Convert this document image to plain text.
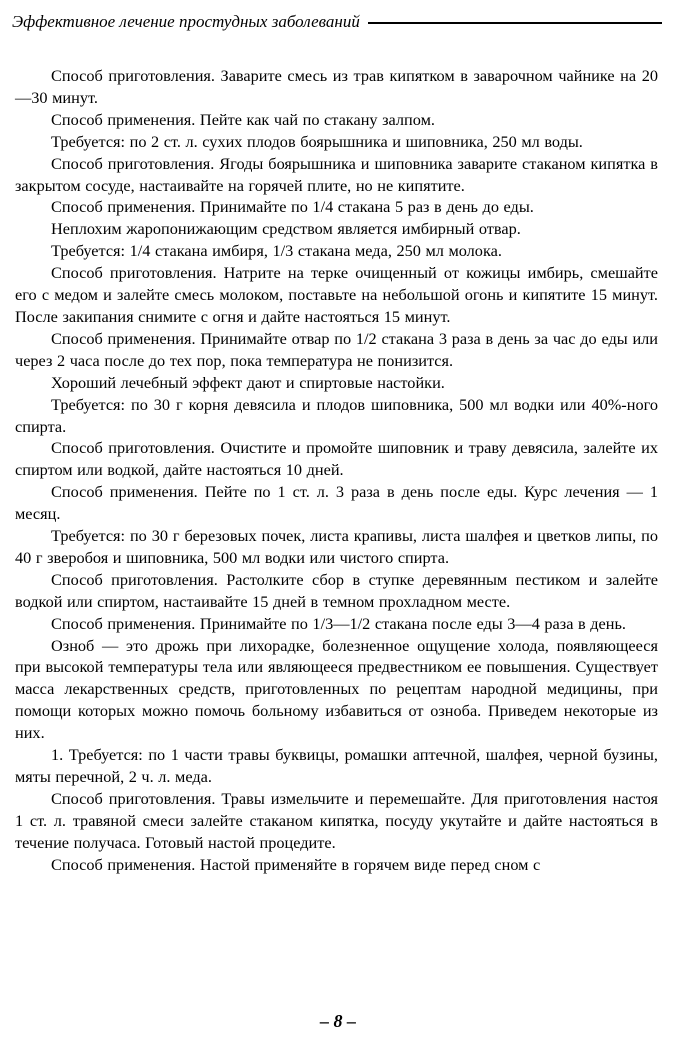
Эффективное лечение простудных заболеваний

Способ приготовления. Заварите смесь из трав кипятком в заварочном чайнике на 20—30 минут.

Способ применения. Пейте как чай по стакану залпом.

Требуется: по 2 ст. л. сухих плодов боярышника и шиповника, 250 мл воды.

Способ приготовления. Ягоды боярышника и шиповника заварите стаканом кипятка в закрытом сосуде, настаивайте на горячей плите, но не кипятите.

Способ применения. Принимайте по 1/4 стакана 5 раз в день до еды.

Неплохим жаропонижающим средством является имбирный отвар.

Требуется: 1/4 стакана имбиря, 1/3 стакана меда, 250 мл молока.

Способ приготовления. Натрите на терке очищенный от кожицы имбирь, смешайте его с медом и залейте смесь молоком, поставьте на небольшой огонь и кипятите 15 минут. После закипания снимите с огня и дайте настояться 15 минут.

Способ применения. Принимайте отвар по 1/2 стакана 3 раза в день за час до еды или через 2 часа после до тех пор, пока температура не понизится.

Хороший лечебный эффект дают и спиртовые настойки.

Требуется: по 30 г корня девясила и плодов шиповника, 500 мл водки или 40%-ного спирта.

Способ приготовления. Очистите и промойте шиповник и траву девясила, залейте их спиртом или водкой, дайте настояться 10 дней.

Способ применения. Пейте по 1 ст. л. 3 раза в день после еды. Курс лечения — 1 месяц.

Требуется: по 30 г березовых почек, листа крапивы, листа шалфея и цветков липы, по 40 г зверобоя и шиповника, 500 мл водки или чистого спирта.

Способ приготовления. Растолките сбор в ступке деревянным пестиком и залейте водкой или спиртом, настаивайте 15 дней в темном прохладном месте.

Способ применения. Принимайте по 1/3—1/2 стакана после еды 3—4 раза в день.

Озноб — это дрожь при лихорадке, болезненное ощущение холода, появляющееся при высокой температуры тела или являющееся предвестником ее повышения. Существует масса лекарственных средств, приготовленных по рецептам народной медицины, при помощи которых можно помочь больному избавиться от озноба. Приведем некоторые из них.

1. Требуется: по 1 части травы буквицы, ромашки аптечной, шалфея, черной бузины, мяты перечной, 2 ч. л. меда.

Способ приготовления. Травы измельчите и перемешайте. Для приготовления настоя 1 ст. л. травяной смеси залейте стаканом кипятка, посуду укутайте и дайте настояться в течение получаса. Готовый настой процедите.

Способ применения. Настой применяйте в горячем виде перед сном с

– 8 –
